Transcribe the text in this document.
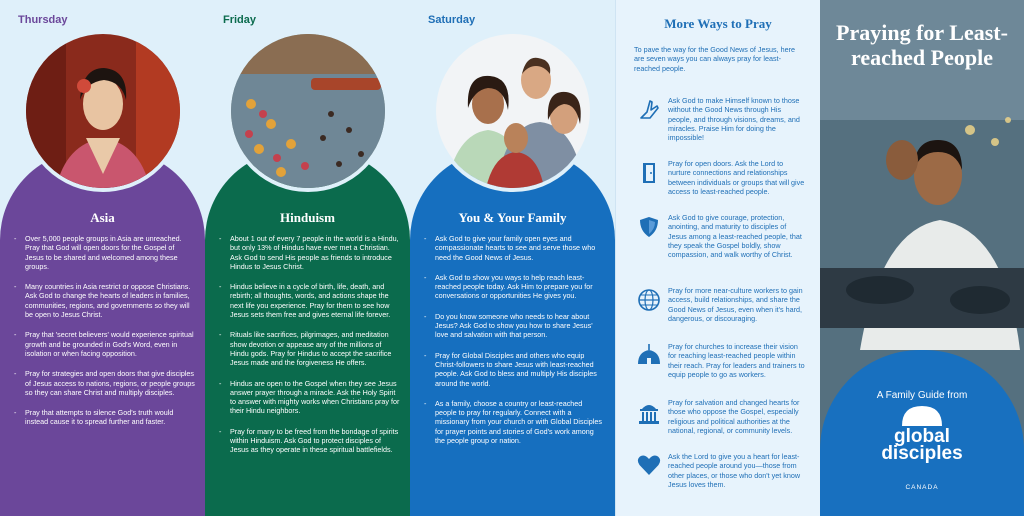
Thursday
Asia
- Over 5,000 people groups in Asia are unreached. Pray that God will open doors for the Gospel of Jesus to be shared and welcomed among these groups.
- Many countries in Asia restrict or oppose Christians. Ask God to change the hearts of leaders in families, communities, regions, and governments so they will be open to Jesus Christ.
- Pray that 'secret believers' would experience spiritual growth and be grounded in God's Word, even in isolation or when facing opposition.
- Pray for strategies and open doors that give disciples of Jesus access to nations, regions, or people groups so they can share Christ and multiply disciples.
- Pray that attempts to silence God's truth would instead cause it to spread further and faster.
Friday
Hinduism
- About 1 out of every 7 people in the world is a Hindu, but only 13% of Hindus have ever met a Christian. Ask God to send His people as friends to introduce Hindus to Jesus Christ.
- Hindus believe in a cycle of birth, life, death, and rebirth; all thoughts, words, and actions shape the next life you experience. Pray for them to see how Jesus sets them free and gives eternal life forever.
- Rituals like sacrifices, pilgrimages, and meditation show devotion or appease any of the millions of Hindu gods. Pray for Hindus to accept the sacrifice Jesus made and the forgiveness He offers.
- Hindus are open to the Gospel when they see Jesus answer prayer through a miracle. Ask the Holy Spirit to answer with mighty works when Christians pray for their Hindu neighbors.
- Pray for many to be freed from the bondage of spirits within Hinduism. Ask God to protect disciples of Jesus as they operate in these spiritual battlefields.
Saturday
You & Your Family
- Ask God to give your family open eyes and compassionate hearts to see and serve those who need the Good News of Jesus.
- Ask God to show you ways to help reach least-reached people today. Ask Him to prepare you for conversations or opportunities He gives you.
- Do you know someone who needs to hear about Jesus? Ask God to show you how to share Jesus' love and salvation with that person.
- Pray for Global Disciples and others who equip Christ-followers to share Jesus with least-reached people. Ask God to bless and multiply His disciples around the world.
- As a family, choose a country or least-reached people to pray for regularly. Connect with a missionary from your church or with Global Disciples for prayer points and stories of God's work among the people group or nation.
More Ways to Pray
To pave the way for the Good News of Jesus, here are seven ways you can always pray for least-reached people.
Ask God to make Himself known to those without the Good News through His people, and through visions, dreams, and miracles. Praise Him for doing the impossible!
Pray for open doors. Ask the Lord to nurture connections and relationships between individuals or groups that will give access to least-reached people.
Ask God to give courage, protection, anointing, and maturity to disciples of Jesus among a least-reached people, that they speak the Gospel boldly, show compassion, and walk worthy of Christ.
Pray for more near-culture workers to gain access, build relationships, and share the Good News of Jesus, even when it's hard, dangerous, or discouraging.
Pray for churches to increase their vision for reaching least-reached people within their reach. Pray for leaders and trainers to equip people to go as workers.
Pray for salvation and changed hearts for those who oppose the Gospel, especially religious and political authorities at the national, regional, or community levels.
Ask the Lord to give you a heart for least-reached people around you—those from other places, or those who don't yet know Jesus loves them.
Praying for Least-reached People
A Family Guide from
global
disciples
CANADA
